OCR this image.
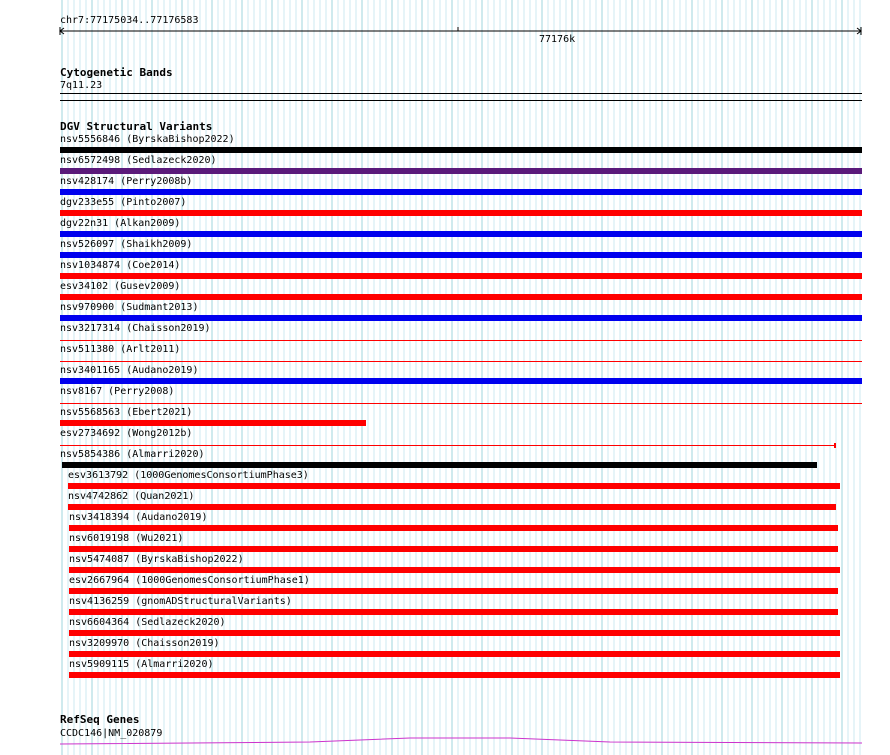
chr7:77175034..77176583
77176k
Cytogenetic Bands
7q11.23
DGV Structural Variants
nsv5556846 (ByrskaBishop2022)
nsv6572498 (Sedlazeck2020)
nsv428174 (Perry2008b)
dgv233e55 (Pinto2007)
dgv22n31 (Alkan2009)
nsv526097 (Shaikh2009)
nsv1034874 (Coe2014)
esv34102 (Gusev2009)
nsv970900 (Sudmant2013)
nsv3217314 (Chaisson2019)
nsv511380 (Arlt2011)
nsv3401165 (Audano2019)
nsv8167 (Perry2008)
nsv5568563 (Ebert2021)
esv2734692 (Wong2012b)
nsv5854386 (Almarri2020)
esv3613792 (1000GenomesConsortiumPhase3)
nsv4742862 (Quan2021)
nsv3418394 (Audano2019)
nsv6019198 (Wu2021)
nsv5474087 (ByrskaBishop2022)
esv2667964 (1000GenomesConsortiumPhase1)
nsv4136259 (gnomADStructuralVariants)
nsv6604364 (Sedlazeck2020)
nsv3209970 (Chaisson2019)
nsv5909115 (Almarri2020)
RefSeq Genes
CCDC146|NM_020879
